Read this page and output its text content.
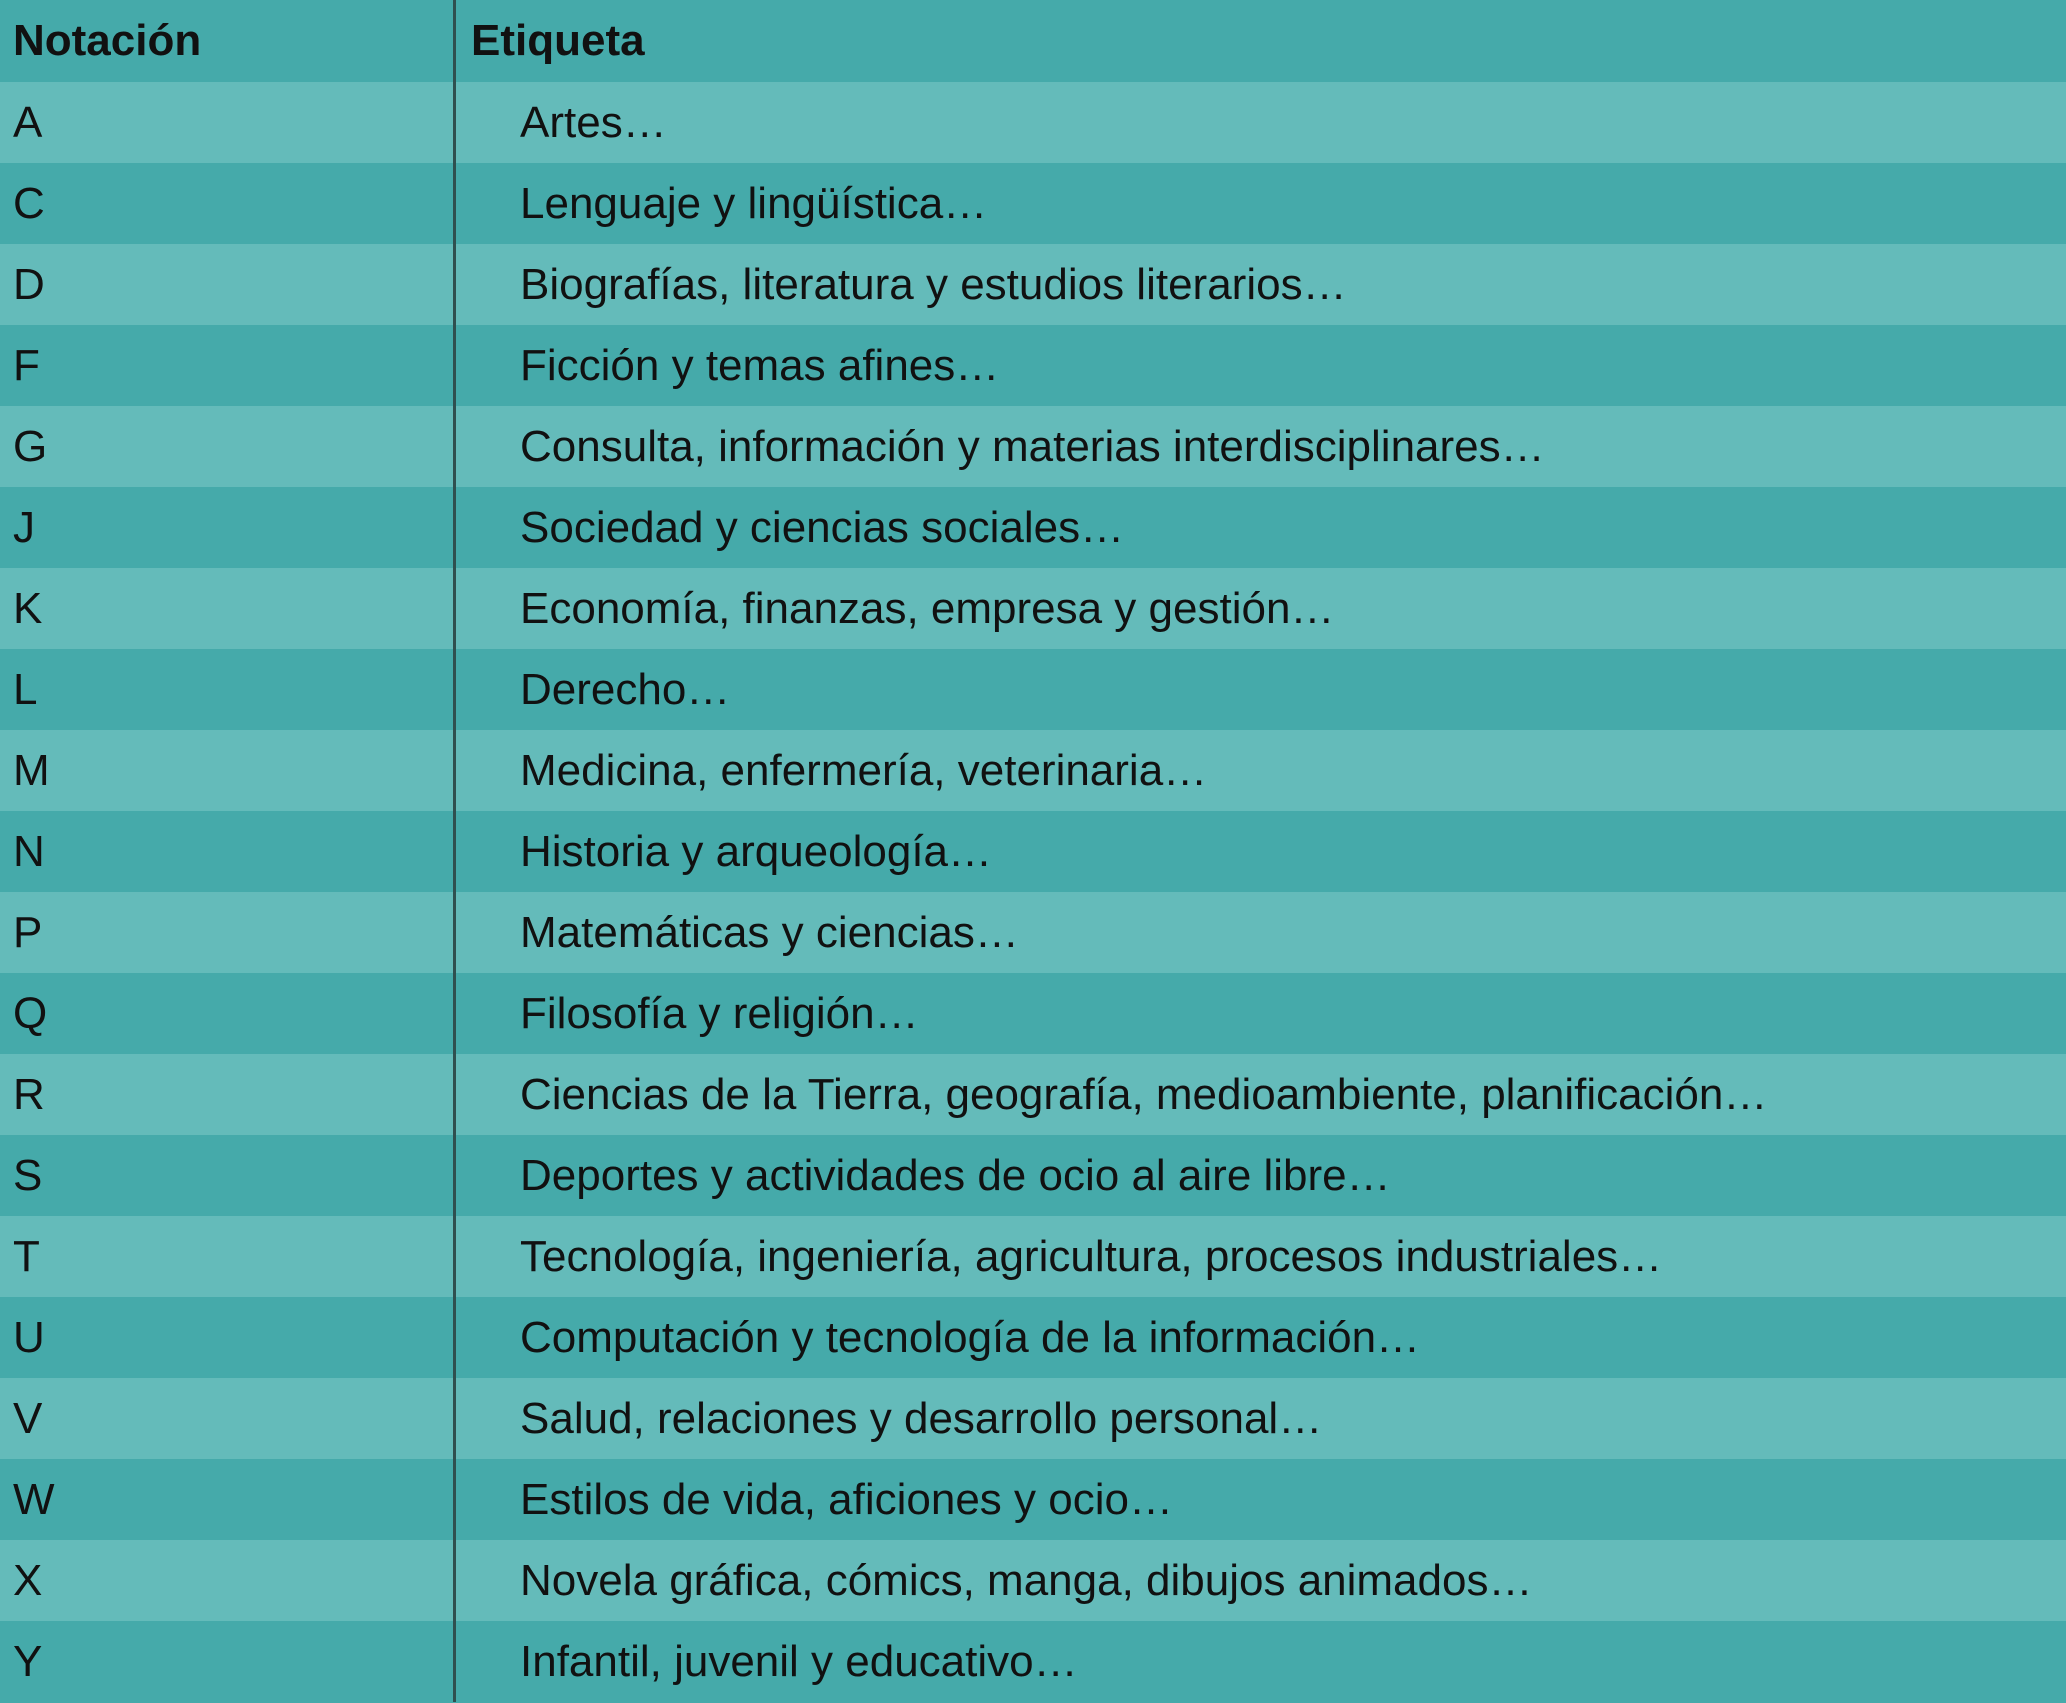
Notación	Etiqueta
A	Artes…
C	Lenguaje y lingüística…
D	Biografías, literatura y estudios literarios…
F	Ficción y temas afines…
G	Consulta, información y materias interdisciplinares…
J	Sociedad y ciencias sociales…
K	Economía, finanzas, empresa y gestión…
L	Derecho…
M	Medicina, enfermería, veterinaria…
N	Historia y arqueología…
P	Matemáticas y ciencias…
Q	Filosofía y religión…
R	Ciencias de la Tierra, geografía, medioambiente, planificación…
S	Deportes y actividades de ocio al aire libre…
T	Tecnología, ingeniería, agricultura, procesos industriales…
U	Computación y tecnología de la información…
V	Salud, relaciones y desarrollo personal…
W	Estilos de vida, aficiones y ocio…
X	Novela gráfica, cómics, manga, dibujos animados…
Y	Infantil, juvenil y educativo…
